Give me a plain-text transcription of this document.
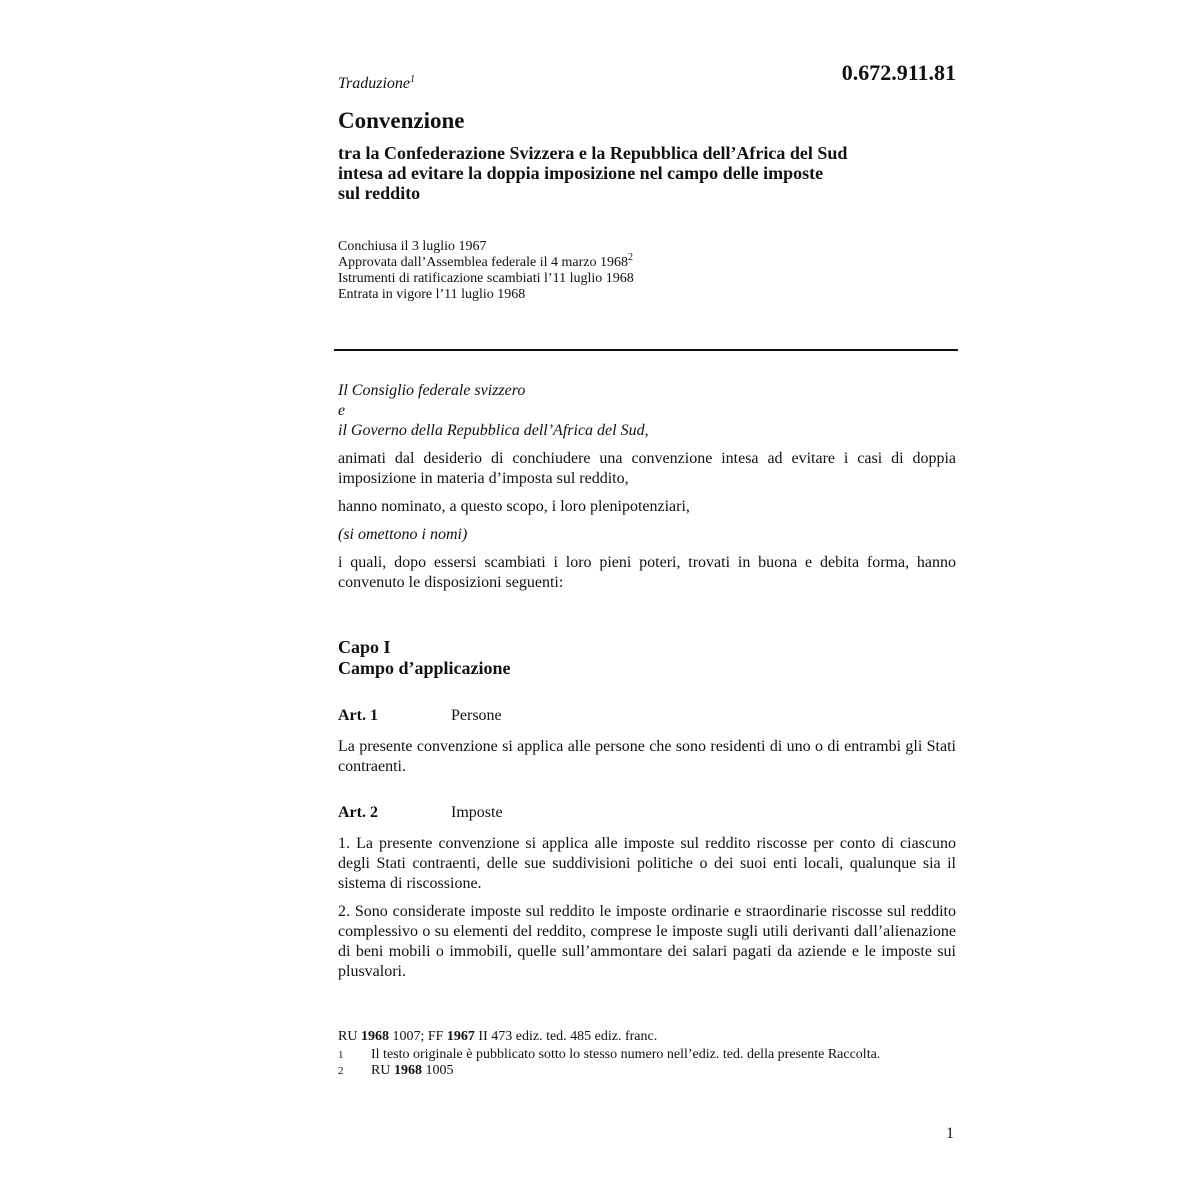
Traduzione$^1$	0.672.911.81
Convenzione
tra la Confederazione Svizzera e la Repubblica dell’Africa del Sud
intesa ad evitare la doppia imposizione nel campo delle imposte
sul reddito
Conchiusa il 3 luglio 1967
Approvata dall’Assemblea federale il 4 marzo 1968$^2$
Istrumenti di ratificazione scambiati l’11 luglio 1968
Entrata in vigore l’11 luglio 1968
Il Consiglio federale svizzero
e
il Governo della Repubblica dell’Africa del Sud,

animati dal desiderio di conchiudere una convenzione intesa ad evitare i casi di doppia imposizione in materia d’imposta sul reddito,

hanno nominato, a questo scopo, i loro plenipotenziari,

(si omettono i nomi)

i quali, dopo essersi scambiati i loro pieni poteri, trovati in buona e debita forma, hanno convenuto le disposizioni seguenti:

Capo I
Campo d’applicazione
Art. 1	Persone

La presente convenzione si applica alle persone che sono residenti di uno o di entrambi gli Stati contraenti.

Art. 2	Imposte

1. La presente convenzione si applica alle imposte sul reddito riscosse per conto di ciascuno degli Stati contraenti, delle sue suddivisioni politiche o dei suoi enti locali, qualunque sia il sistema di riscossione.

2. Sono considerate imposte sul reddito le imposte ordinarie e straordinarie riscosse sul reddito complessivo o su elementi del reddito, comprese le imposte sugli utili derivanti dall’alienazione di beni mobili o immobili, quelle sull’ammontare dei salari pagati da aziende e le imposte sui plusvalori.

RU 1968 1007; FF 1967 II 473 ediz. ted. 485 ediz. franc.
1	Il testo originale è pubblicato sotto lo stesso numero nell’ediz. ted. della presente Raccolta.
2	RU 1968 1005
1
